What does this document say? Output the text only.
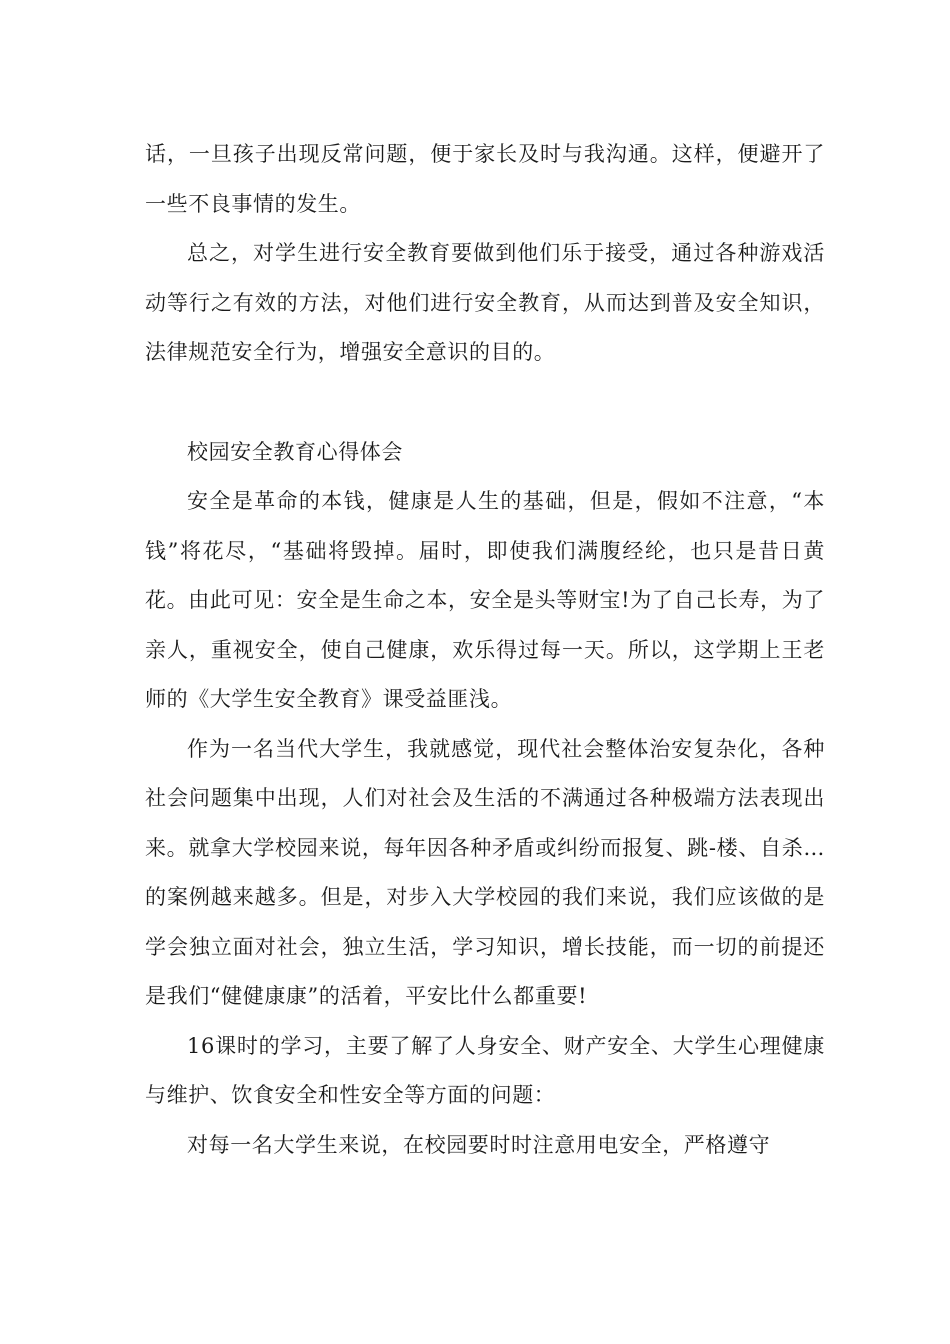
话，一旦孩子出现反常问题，便于家长及时与我沟通。这样，便避开了一些不良事情的发生。

总之，对学生进行安全教育要做到他们乐于接受，通过各种游戏活动等行之有效的方法，对他们进行安全教育，从而达到普及安全知识，法律规范安全行为，增强安全意识的目的。

校园安全教育心得体会

安全是革命的本钱，健康是人生的基础，但是，假如不注意，“本钱”将花尽，“基础将毁掉。届时，即使我们满腹经纶，也只是昔日黄花。由此可见：安全是生命之本，安全是头等财宝!为了自己长寿，为了亲人，重视安全，使自己健康，欢乐得过每一天。所以，这学期上王老师的《大学生安全教育》课受益匪浅。

作为一名当代大学生，我就感觉，现代社会整体治安复杂化，各种社会问题集中出现，人们对社会及生活的不满通过各种极端方法表现出来。就拿大学校园来说，每年因各种矛盾或纠纷而报复、跳-楼、自杀…的案例越来越多。但是，对步入大学校园的我们来说，我们应该做的是学会独立面对社会，独立生活，学习知识，增长技能，而一切的前提还是我们“健健康康”的活着，平安比什么都重要!

16课时的学习，主要了解了人身安全、财产安全、大学生心理健康与维护、饮食安全和性安全等方面的问题：

对每一名大学生来说，在校园要时时注意用电安全，严格遵守
